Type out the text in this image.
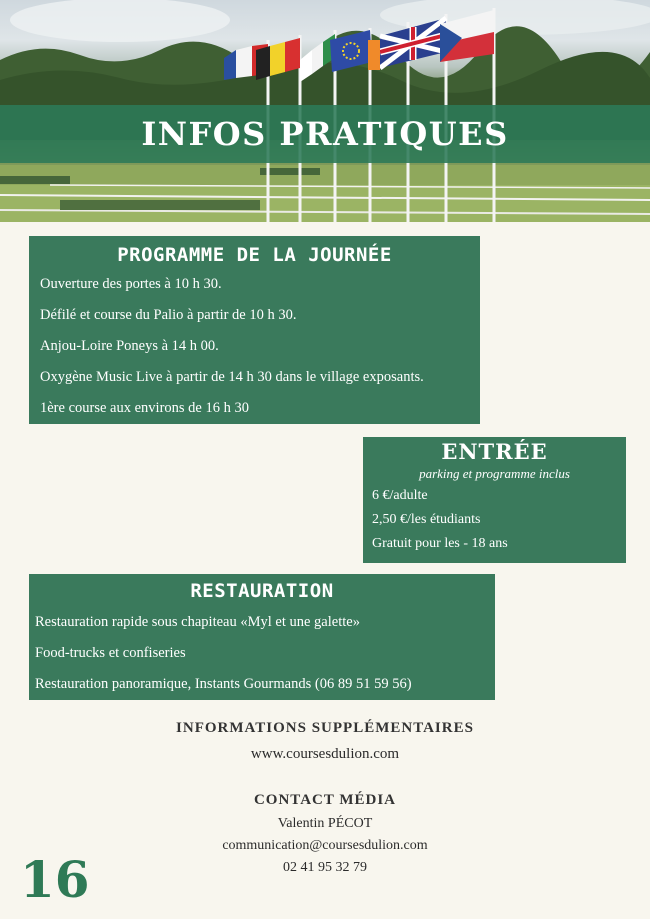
INFOS PRATIQUES
PROGRAMME DE LA JOURNÉE
Ouverture des portes à 10 h 30.
Défilé et course du Palio à partir de 10 h 30.
Anjou-Loire Poneys à 14 h 00.
Oxygène Music Live à partir de 14 h 30 dans le village exposants.
1ère course aux environs de 16 h 30
ENTRÉE
parking et programme inclus
6 €/adulte
2,50 €/les étudiants
Gratuit pour les - 18 ans
RESTAURATION
Restauration rapide sous chapiteau «Myl et une galette»
Food-trucks et confiseries
Restauration panoramique, Instants Gourmands (06 89 51 59 56)
INFORMATIONS SUPPLÉMENTAIRES
www.coursesdulion.com
CONTACT MÉDIA
Valentin PÉCOT
communication@coursesdulion.com
02 41 95 32 79
16
